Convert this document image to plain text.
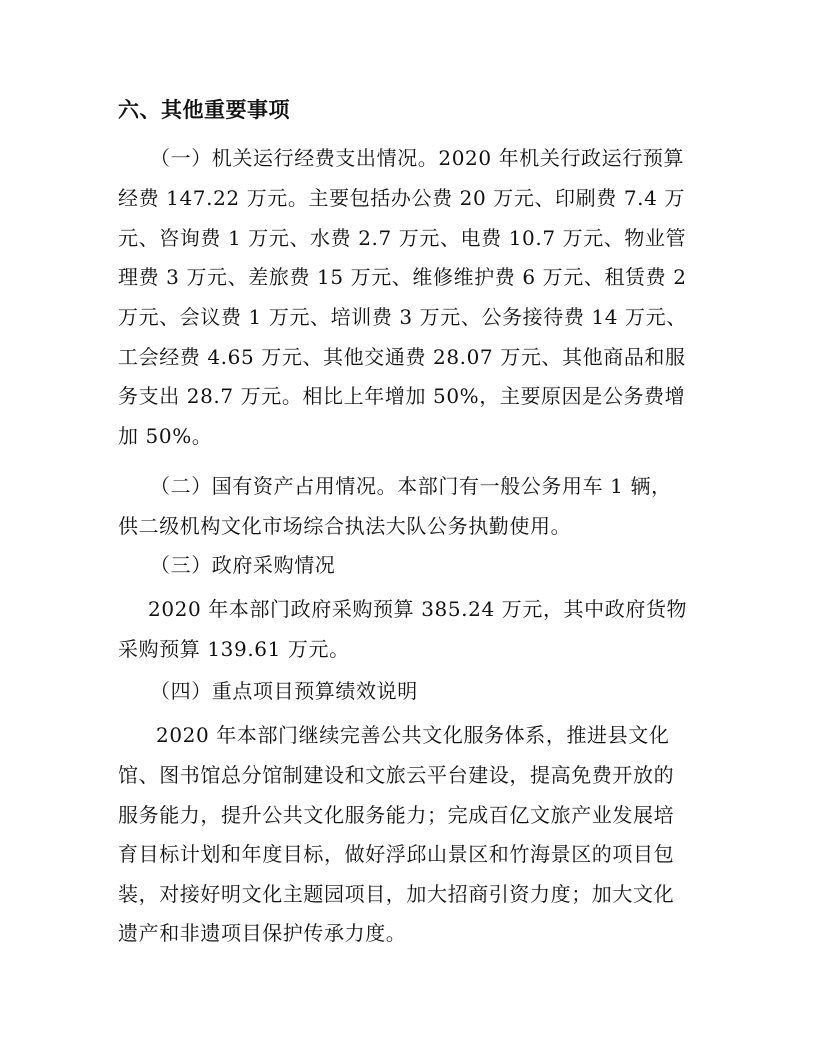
六、其他重要事项
（一）机关运行经费支出情况。2020 年机关行政运行预算
经费 147.22 万元。主要包括办公费 20 万元、印刷费 7.4 万
元、咨询费 1 万元、水费 2.7 万元、电费 10.7 万元、物业管
理费 3 万元、差旅费 15 万元、维修维护费 6 万元、租赁费 2
万元、会议费 1 万元、培训费 3 万元、公务接待费 14 万元、
工会经费 4.65 万元、其他交通费 28.07 万元、其他商品和服
务支出 28.7 万元。相比上年增加 50%，主要原因是公务费增
加 50%。
（二）国有资产占用情况。本部门有一般公务用车 1 辆，
供二级机构文化市场综合执法大队公务执勤使用。
（三）政府采购情况
2020 年本部门政府采购预算 385.24 万元，其中政府货物
采购预算 139.61 万元。
（四）重点项目预算绩效说明
2020 年本部门继续完善公共文化服务体系，推进县文化
馆、图书馆总分馆制建设和文旅云平台建设，提高免费开放的
服务能力，提升公共文化服务能力；完成百亿文旅产业发展培
育目标计划和年度目标，做好浮邱山景区和竹海景区的项目包
装，对接好明文化主题园项目，加大招商引资力度；加大文化
遗产和非遗项目保护传承力度。
